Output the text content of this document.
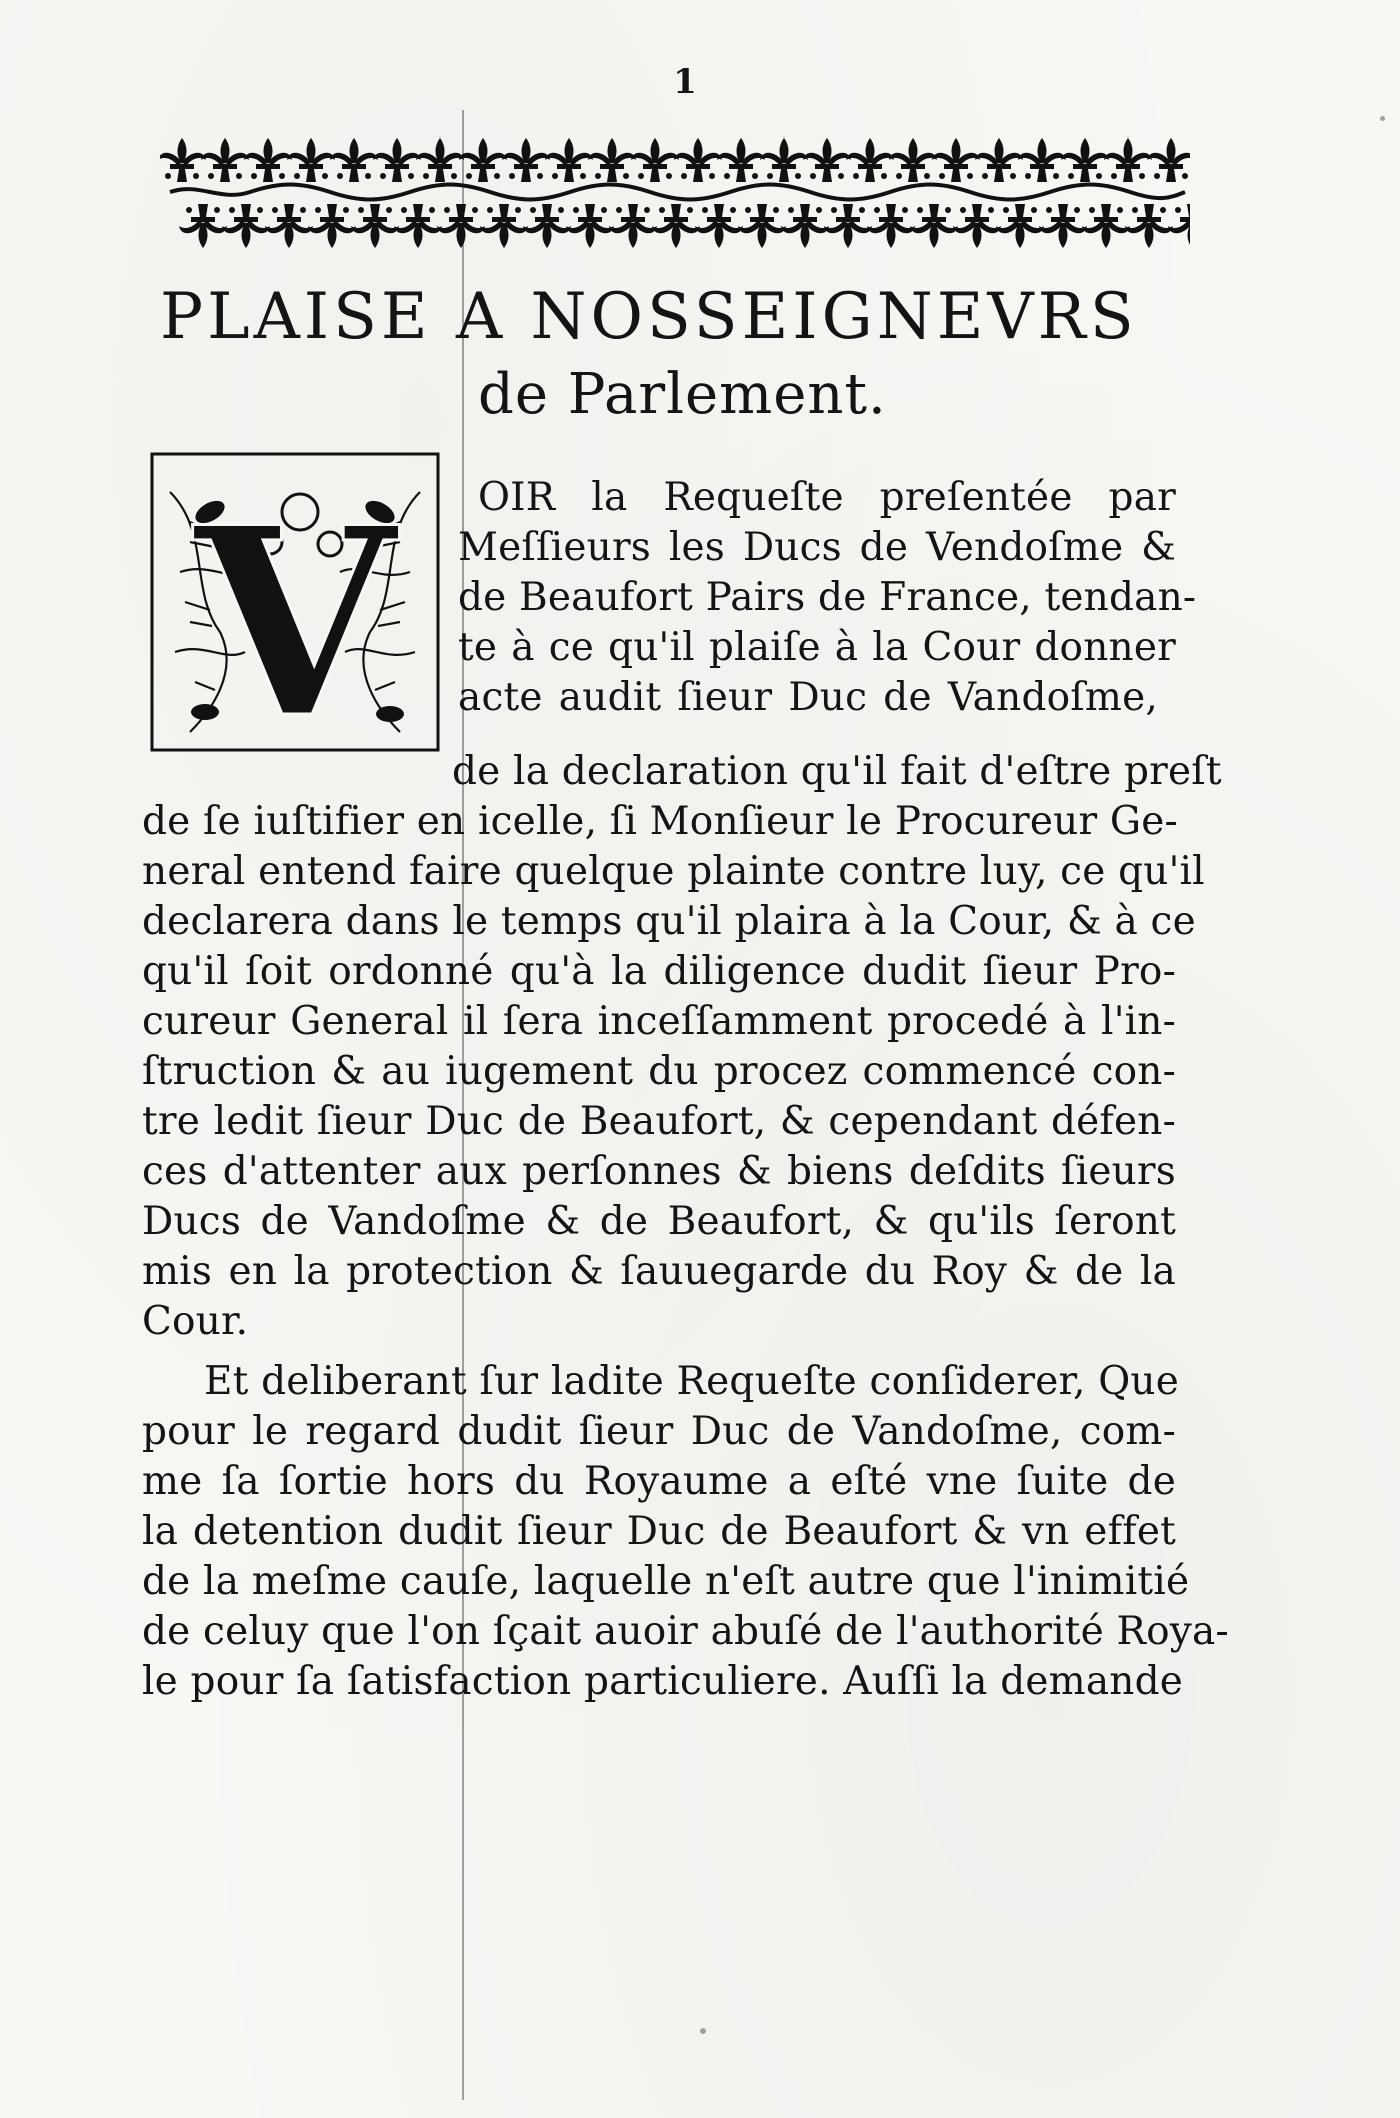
1
PLAISE A NOSSEIGNEVRS
de Parlement.
V OIR la Requeſte preſentée par
Meſſieurs les Ducs de Vendoſme &
de Beaufort Pairs de France, tendan-
te à ce qu'il plaiſe à la Cour donner
acte audit ſieur Duc de Vandoſme,
de la declaration qu'il fait d'eſtre preſt
de ſe iuſtifier en icelle, ſi Monſieur le Procureur Ge-
neral entend faire quelque plainte contre luy, ce qu'il
declarera dans le temps qu'il plaira à la Cour, & à ce
qu'il ſoit ordonné qu'à la diligence dudit ſieur Pro-
cureur General il ſera inceſſamment procedé à l'in-
ſtruction & au iugement du procez commencé con-
tre ledit ſieur Duc de Beaufort, & cependant défen-
ces d'attenter aux perſonnes & biens deſdits ſieurs
Ducs de Vandoſme & de Beaufort, & qu'ils ſeront
mis en la protection & ſauuegarde du Roy & de la
Cour.
Et deliberant ſur ladite Requeſte conſiderer, Que
pour le regard dudit ſieur Duc de Vandoſme, com-
me ſa ſortie hors du Royaume a eſté vne ſuite de
la detention dudit ſieur Duc de Beaufort & vn effet
de la meſme cauſe, laquelle n'eſt autre que l'inimitié
de celuy que l'on ſçait auoir abuſé de l'authorité Roya-
le pour ſa ſatisfaction particuliere. Auſſi la demande
